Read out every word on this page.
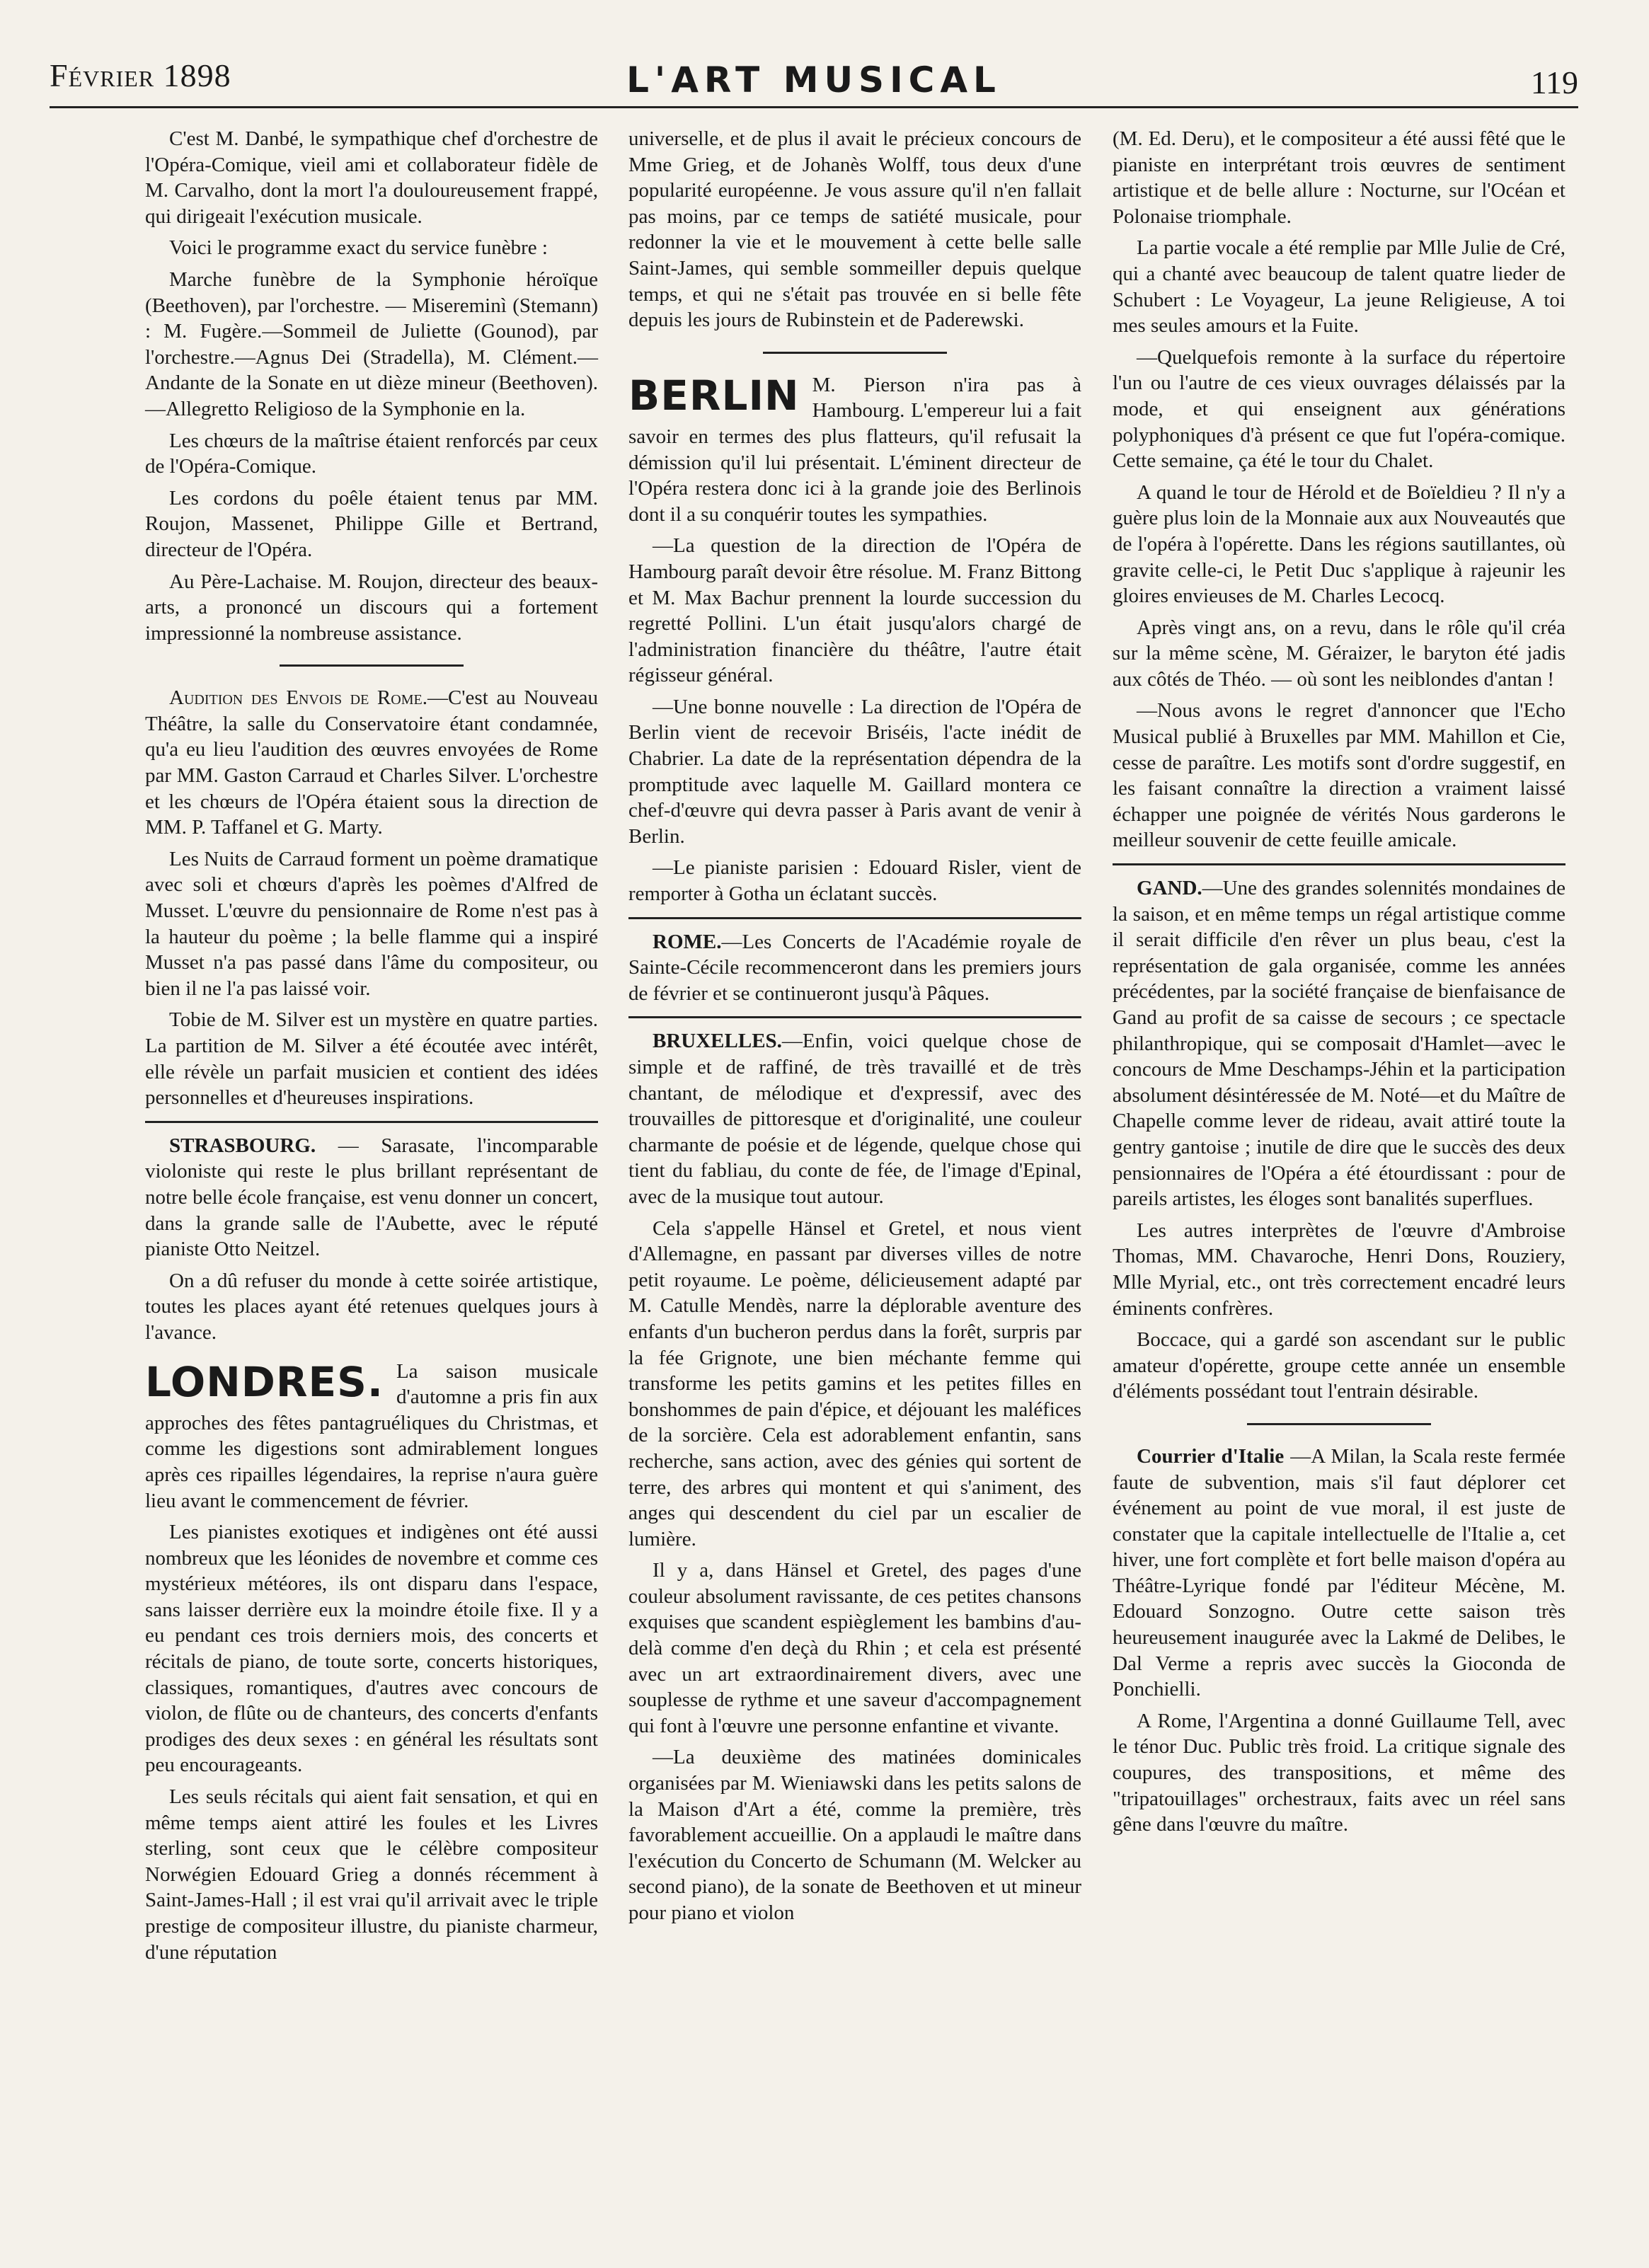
Février 1898	L'ART MUSICAL	119

C'est M. Danbé, le sympathique chef d'orchestre de l'Opéra-Comique, vieil ami et collaborateur fidèle de M. Carvalho, dont la mort l'a douloureusement frappé, qui dirigeait l'exécution musicale.

Voici le programme exact du service funèbre :

Marche funèbre de la Symphonie héroïque (Beethoven), par l'orchestre. — Misereminì (Stemann) : M. Fugère.—Sommeil de Juliette (Gounod), par l'orchestre.—Agnus Dei (Stradella), M. Clément.—Andante de la Sonate en ut dièze mineur (Beethoven).—Allegretto Religioso de la Symphonie en la.

Les chœurs de la maîtrise étaient renforcés par ceux de l'Opéra-Comique.

Les cordons du poêle étaient tenus par MM. Roujon, Massenet, Philippe Gille et Bertrand, directeur de l'Opéra.

Au Père-Lachaise. M. Roujon, directeur des beaux-arts, a prononcé un discours qui a fortement impressionné la nombreuse assistance.

Audition des Envois de Rome.—C'est au Nouveau Théâtre, la salle du Conservatoire étant condamnée, qu'a eu lieu l'audition des œuvres envoyées de Rome par MM. Gaston Carraud et Charles Silver. L'orchestre et les chœurs de l'Opéra étaient sous la direction de MM. P. Taffanel et G. Marty.

Les Nuits de Carraud forment un poème dramatique avec soli et chœurs d'après les poèmes d'Alfred de Musset. L'œuvre du pensionnaire de Rome n'est pas à la hauteur du poème ; la belle flamme qui a inspiré Musset n'a pas passé dans l'âme du compositeur, ou bien il ne l'a pas laissé voir.

Tobie de M. Silver est un mystère en quatre parties. La partition de M. Silver a été écoutée avec intérêt, elle révèle un parfait musicien et contient des idées personnelles et d'heureuses inspirations.

STRASBOURG. — Sarasate, l'incomparable violoniste qui reste le plus brillant représentant de notre belle école française, est venu donner un concert, dans la grande salle de l'Aubette, avec le réputé pianiste Otto Neitzel.

On a dû refuser du monde à cette soirée artistique, toutes les places ayant été retenues quelques jours à l'avance.

LONDRES. La saison musicale d'automne a pris fin aux approches des fêtes pantagruéliques du Christmas, et comme les digestions sont admirablement longues après ces ripailles légendaires, la reprise n'aura guère lieu avant le commencement de février.

Les pianistes exotiques et indigènes ont été aussi nombreux que les léonides de novembre et comme ces mystérieux météores, ils ont disparu dans l'espace, sans laisser derrière eux la moindre étoile fixe. Il y a eu pendant ces trois derniers mois, des concerts et récitals de piano, de toute sorte, concerts historiques, classiques, romantiques, d'autres avec concours de violon, de flûte ou de chanteurs, des concerts d'enfants prodiges des deux sexes : en général les résultats sont peu encourageants.

Les seuls récitals qui aient fait sensation, et qui en même temps aient attiré les foules et les Livres sterling, sont ceux que le célèbre compositeur Norwégien Edouard Grieg a donnés récemment à Saint-James-Hall ; il est vrai qu'il arrivait avec le triple prestige de compositeur illustre, du pianiste charmeur, d'une réputation

universelle, et de plus il avait le précieux concours de Mme Grieg, et de Johanès Wolff, tous deux d'une popularité européenne. Je vous assure qu'il n'en fallait pas moins, par ce temps de satiété musicale, pour redonner la vie et le mouvement à cette belle salle Saint-James, qui semble sommeiller depuis quelque temps, et qui ne s'était pas trouvée en si belle fête depuis les jours de Rubinstein et de Paderewski.

BERLIN M. Pierson n'ira pas à Hambourg. L'empereur lui a fait savoir en termes des plus flatteurs, qu'il refusait la démission qu'il lui présentait. L'éminent directeur de l'Opéra restera donc ici à la grande joie des Berlinois dont il a su conquérir toutes les sympathies.

—La question de la direction de l'Opéra de Hambourg paraît devoir être résolue. M. Franz Bittong et M. Max Bachur prennent la lourde succession du regretté Pollini. L'un était jusqu'alors chargé de l'administration financière du théâtre, l'autre était régisseur général.

—Une bonne nouvelle : La direction de l'Opéra de Berlin vient de recevoir Briséis, l'acte inédit de Chabrier. La date de la représentation dépendra de la promptitude avec laquelle M. Gaillard montera ce chef-d'œuvre qui devra passer à Paris avant de venir à Berlin.

—Le pianiste parisien : Edouard Risler, vient de remporter à Gotha un éclatant succès.

ROME.—Les Concerts de l'Académie royale de Sainte-Cécile recommenceront dans les premiers jours de février et se continueront jusqu'à Pâques.

BRUXELLES.—Enfin, voici quelque chose de simple et de raffiné, de très travaillé et de très chantant, de mélodique et d'expressif, avec des trouvailles de pittoresque et d'originalité, une couleur charmante de poésie et de légende, quelque chose qui tient du fabliau, du conte de fée, de l'image d'Epinal, avec de la musique tout autour.

Cela s'appelle Hänsel et Gretel, et nous vient d'Allemagne, en passant par diverses villes de notre petit royaume. Le poème, délicieusement adapté par M. Catulle Mendès, narre la déplorable aventure des enfants d'un bucheron perdus dans la forêt, surpris par la fée Grignote, une bien méchante femme qui transforme les petits gamins et les petites filles en bonshommes de pain d'épice, et déjouant les maléfices de la sorcière. Cela est adorablement enfantin, sans recherche, sans action, avec des génies qui sortent de terre, des arbres qui montent et qui s'animent, des anges qui descendent du ciel par un escalier de lumière.

Il y a, dans Hänsel et Gretel, des pages d'une couleur absolument ravissante, de ces petites chansons exquises que scandent espièglement les bambins d'au-delà comme d'en deçà du Rhin ; et cela est présenté avec un art extraordinairement divers, avec une souplesse de rythme et une saveur d'accompagnement qui font à l'œuvre une personne enfantine et vivante.

—La deuxième des matinées dominicales organisées par M. Wieniawski dans les petits salons de la Maison d'Art a été, comme la première, très favorablement accueillie. On a applaudi le maître dans l'exécution du Concerto de Schumann (M. Welcker au second piano), de la sonate de Beethoven et ut mineur pour piano et violon

(M. Ed. Deru), et le compositeur a été aussi fêté que le pianiste en interprétant trois œuvres de sentiment artistique et de belle allure : Nocturne, sur l'Océan et Polonaise triomphale.

La partie vocale a été remplie par Mlle Julie de Cré, qui a chanté avec beaucoup de talent quatre lieder de Schubert : Le Voyageur, La jeune Religieuse, A toi mes seules amours et la Fuite.

—Quelquefois remonte à la surface du répertoire l'un ou l'autre de ces vieux ouvrages délaissés par la mode, et qui enseignent aux générations polyphoniques d'à présent ce que fut l'opéra-comique. Cette semaine, ça été le tour du Chalet.

A quand le tour de Hérold et de Boïeldieu ? Il n'y a guère plus loin de la Monnaie aux aux Nouveautés que de l'opéra à l'opérette. Dans les régions sautillantes, où gravite celle-ci, le Petit Duc s'applique à rajeunir les gloires envieuses de M. Charles Lecocq.

Après vingt ans, on a revu, dans le rôle qu'il créa sur la même scène, M. Géraizer, le baryton été jadis aux côtés de Théo. — où sont les neiblondes d'antan !

—Nous avons le regret d'annoncer que l'Echo Musical publié à Bruxelles par MM. Mahillon et Cie, cesse de paraître. Les motifs sont d'ordre suggestif, en les faisant connaître la direction a vraiment laissé échapper une poignée de vérités Nous garderons le meilleur souvenir de cette feuille amicale.

GAND.—Une des grandes solennités mondaines de la saison, et en même temps un régal artistique comme il serait difficile d'en rêver un plus beau, c'est la représentation de gala organisée, comme les années précédentes, par la société française de bienfaisance de Gand au profit de sa caisse de secours ; ce spectacle philanthropique, qui se composait d'Hamlet—avec le concours de Mme Deschamps-Jéhin et la participation absolument désintéressée de M. Noté—et du Maître de Chapelle comme lever de rideau, avait attiré toute la gentry gantoise ; inutile de dire que le succès des deux pensionnaires de l'Opéra a été étourdissant : pour de pareils artistes, les éloges sont banalités superflues.

Les autres interprètes de l'œuvre d'Ambroise Thomas, MM. Chavaroche, Henri Dons, Rouziery, Mlle Myrial, etc., ont très correctement encadré leurs éminents confrères.

Boccace, qui a gardé son ascendant sur le public amateur d'opérette, groupe cette année un ensemble d'éléments possédant tout l'entrain désirable.

Courrier d'Italie —A Milan, la Scala reste fermée faute de subvention, mais s'il faut déplorer cet événement au point de vue moral, il est juste de constater que la capitale intellectuelle de l'Italie a, cet hiver, une fort complète et fort belle maison d'opéra au Théâtre-Lyrique fondé par l'éditeur Mécène, M. Edouard Sonzogno. Outre cette saison très heureusement inaugurée avec la Lakmé de Delibes, le Dal Verme a repris avec succès la Gioconda de Ponchielli.

A Rome, l'Argentina a donné Guillaume Tell, avec le ténor Duc. Public très froid. La critique signale des coupures, des transpositions, et même des "tripatouillages" orchestraux, faits avec un réel sans gêne dans l'œuvre du maître.
